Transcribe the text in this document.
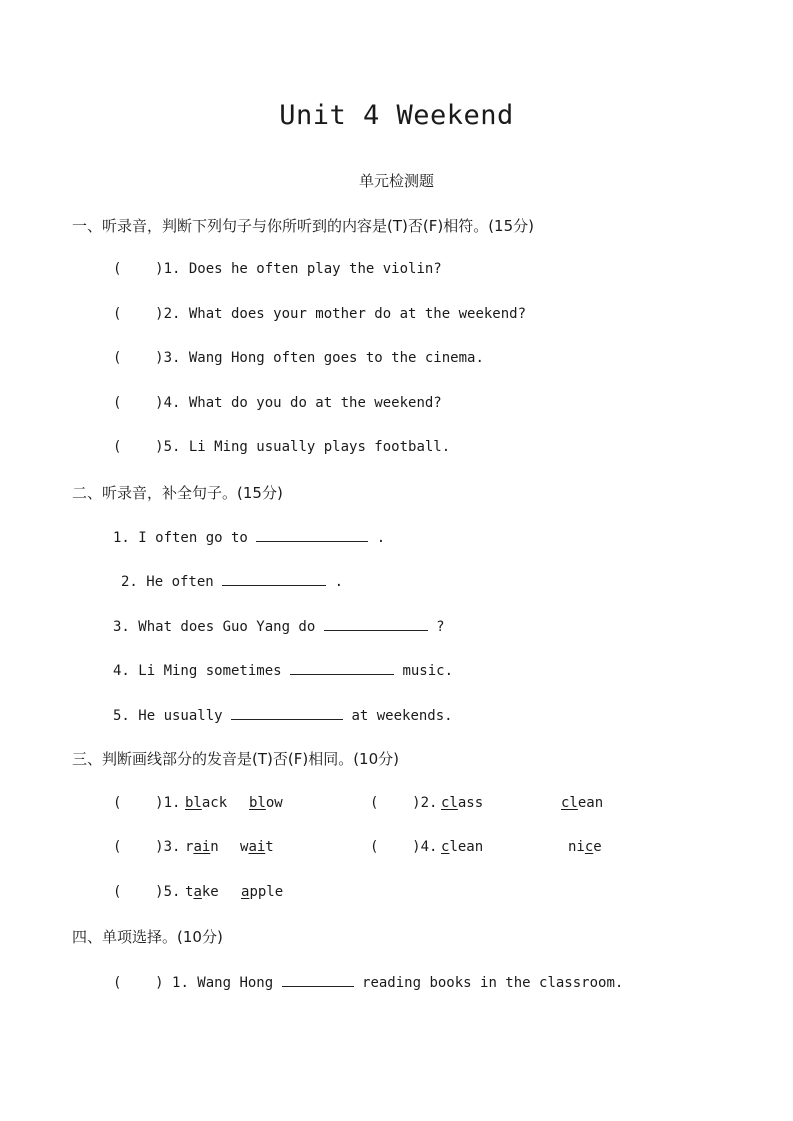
Unit 4 Weekend
单元检测题
一、听录音，判断下列句子与你所听到的内容是(T)否(F)相符。(15分)
(    )1. Does he often play the violin?
(    )2. What does your mother do at the weekend?
(    )3. Wang Hong often goes to the cinema.
(    )4. What do you do at the weekend?
(    )5. Li Ming usually plays football.
二、听录音，补全句子。(15分)
1. I often go to	.
2. He often	.
3. What does Guo Yang do	?
4. Li Ming sometimes	music.
5. He usually	at weekends.
三、判断画线部分的发音是(T)否(F)相同。(10分)
(    )1. black blow	(    )2. class	clean
(    )3. rain wait	(    )4. clean	nice
(    )5. take apple
四、单项选择。(10分)
(    ) 1. Wang Hong	reading books in the classroom.
